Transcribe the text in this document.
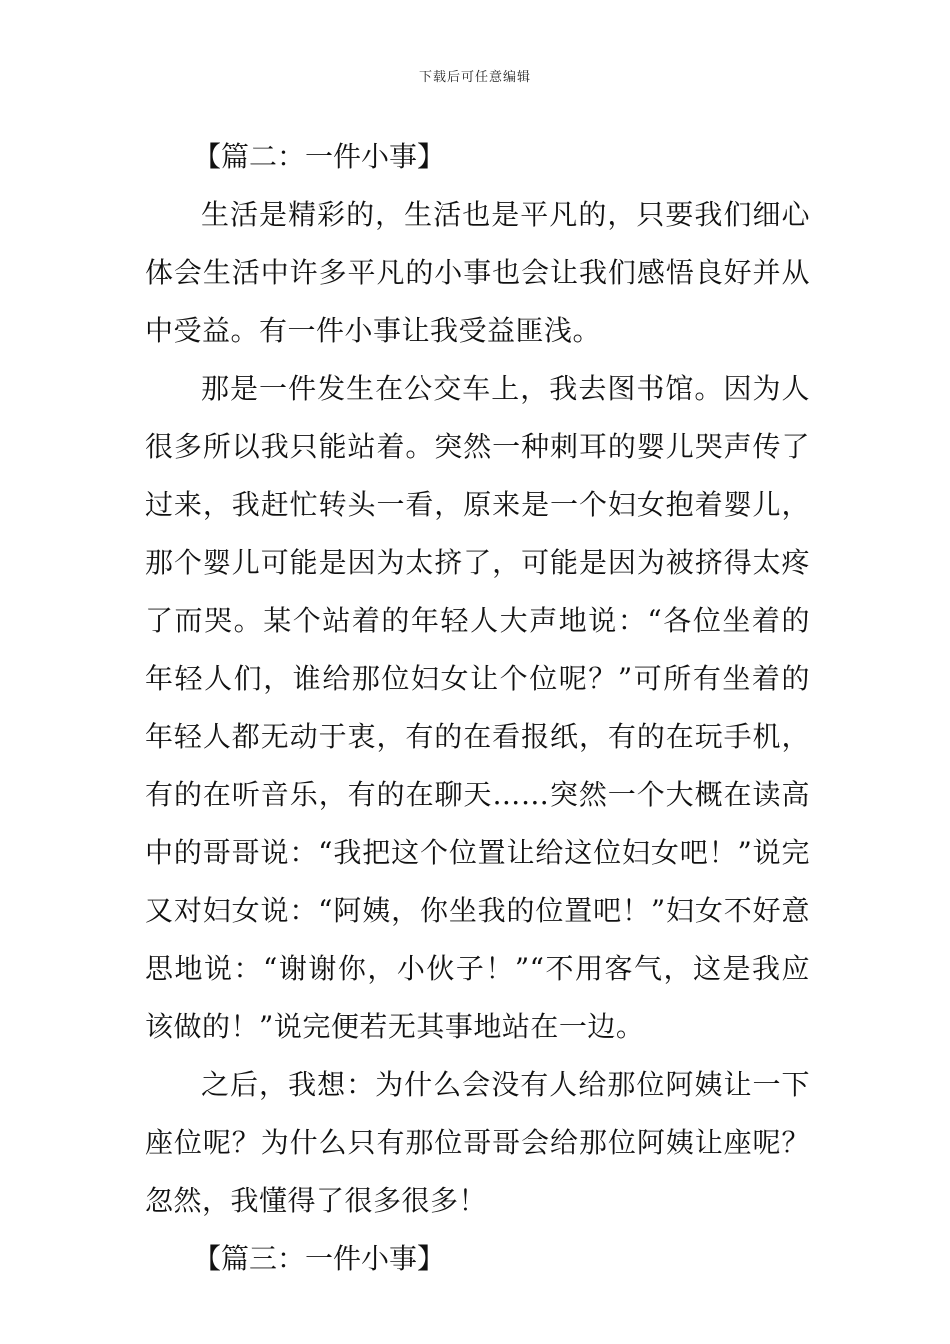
下载后可任意编辑

【篇二：一件小事】

生活是精彩的，生活也是平凡的，只要我们细心体会生活中许多平凡的小事也会让我们感悟良好并从中受益。有一件小事让我受益匪浅。

那是一件发生在公交车上，我去图书馆。因为人很多所以我只能站着。突然一种刺耳的婴儿哭声传了过来，我赶忙转头一看，原来是一个妇女抱着婴儿，那个婴儿可能是因为太挤了，可能是因为被挤得太疼了而哭。某个站着的年轻人大声地说：“各位坐着的年轻人们，谁给那位妇女让个位呢？”可所有坐着的年轻人都无动于衷，有的在看报纸，有的在玩手机，有的在听音乐，有的在聊天……突然一个大概在读高中的哥哥说：“我把这个位置让给这位妇女吧！”说完又对妇女说：“阿姨，你坐我的位置吧！”妇女不好意思地说：“谢谢你，小伙子！”“不用客气，这是我应该做的！”说完便若无其事地站在一边。

之后，我想：为什么会没有人给那位阿姨让一下座位呢？为什么只有那位哥哥会给那位阿姨让座呢？忽然，我懂得了很多很多！

【篇三：一件小事】
